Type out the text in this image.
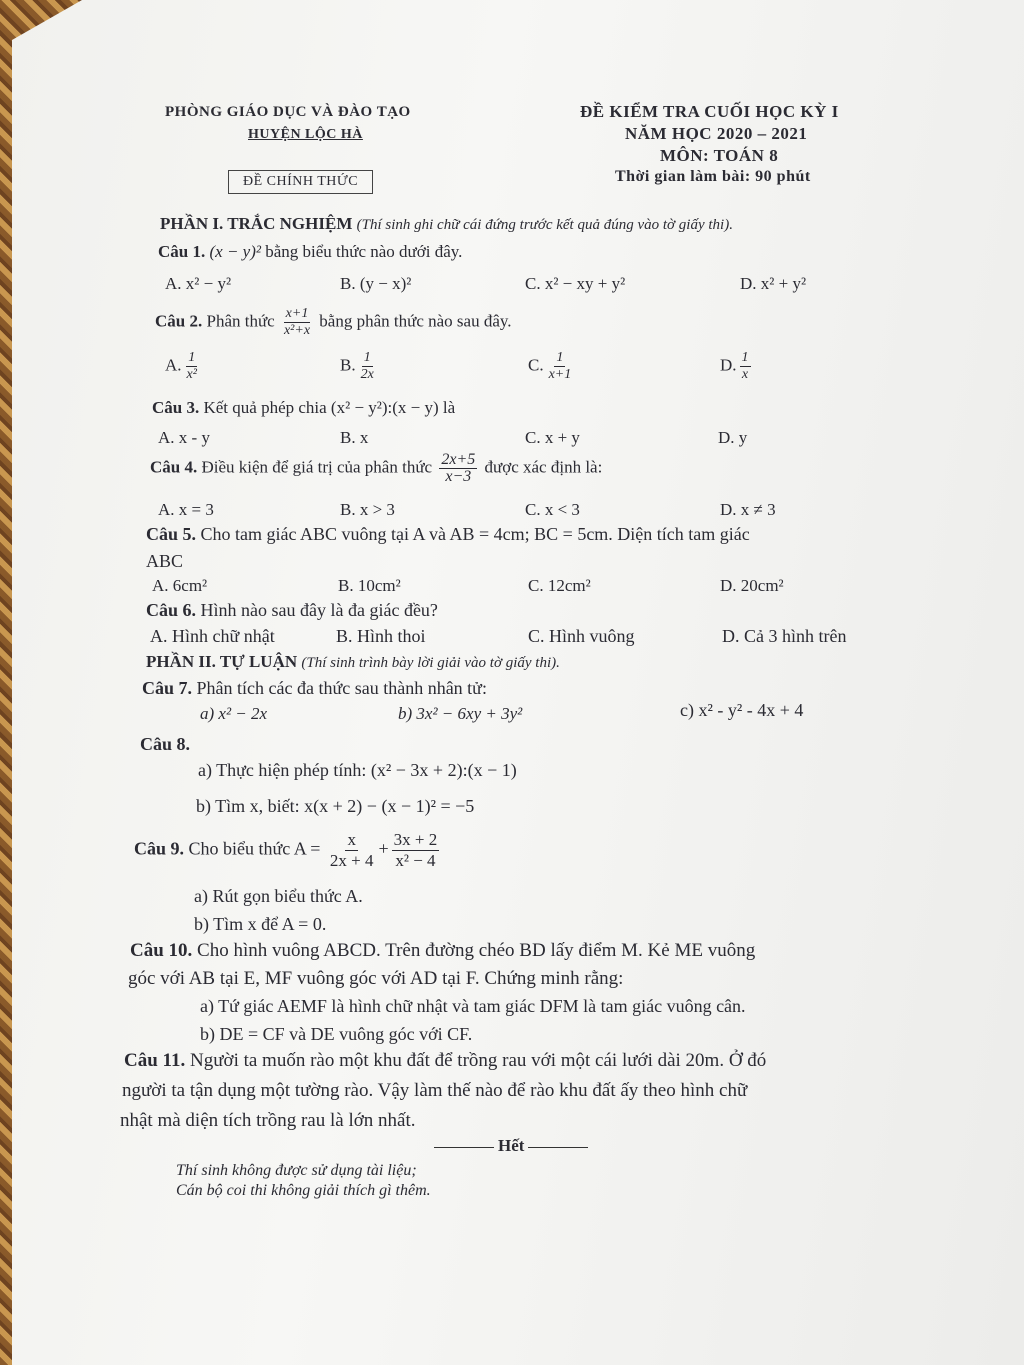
PHÒNG GIÁO DỤC VÀ ĐÀO TẠO
HUYỆN LỘC HÀ
ĐỀ CHÍNH THỨC
ĐỀ KIỂM TRA CUỐI HỌC KỲ I
NĂM HỌC 2020 – 2021
MÔN: TOÁN 8
Thời gian làm bài: 90 phút
PHẦN I. TRẮC NGHIỆM (Thí sinh ghi chữ cái đứng trước kết quả đúng vào tờ giấy thi).
Câu 1. (x − y)² bằng biểu thức nào dưới đây.
A. x² − y²	B. (y − x)²	C. x² − xy + y²	D. x² + y²
Câu 2. Phân thức $\frac{x+1}{\text{x²+x}}$ bằng phân thức nào sau đây.
A. $\frac{1}{\text{x²}}$	B. $\frac{1}{2x}$	C. $\frac{1}{x+1}$	D. $\frac{1}{x}$
Câu 3. Kết quả phép chia (x² − y²):(x − y) là
A. x - y	B. x	C. x + y	D. y
Câu 4. Điều kiện để giá trị của phân thức $\frac{2x+5}{x-3}$ được xác định là:
A. x = 3	B. x > 3	C. x < 3	D. x ≠ 3
Câu 5. Cho tam giác ABC vuông tại A và AB = 4cm; BC = 5cm. Diện tích tam giác
ABC
A. 6cm²	B. 10cm²	C. 12cm²	D. 20cm²
Câu 6. Hình nào sau đây là đa giác đều?
A. Hình chữ nhật	B. Hình thoi	C. Hình vuông	D. Cả 3 hình trên
PHẦN II. TỰ LUẬN (Thí sinh trình bày lời giải vào tờ giấy thi).
Câu 7. Phân tích các đa thức sau thành nhân tử:
a) x² − 2x	b) 3x² − 6xy + 3y²	c) x² - y² - 4x + 4
Câu 8.
a) Thực hiện phép tính: (x² − 3x + 2):(x − 1)
b) Tìm x, biết: x(x + 2) − (x − 1)² = −5
Câu 9. Cho biểu thức $A = \frac{x}{2x + 4} + \frac{3x + 2}{\text{x² − 4}}$
a) Rút gọn biểu thức A.
b) Tìm x để A = 0.
Câu 10. Cho hình vuông ABCD. Trên đường chéo BD lấy điểm M. Kẻ ME vuông
góc với AB tại E, MF vuông góc với AD tại F. Chứng minh rằng:
a) Tứ giác AEMF là hình chữ nhật và tam giác DFM là tam giác vuông cân.
b) DE = CF và DE vuông góc với CF.
Câu 11. Người ta muốn rào một khu đất để trồng rau với một cái lưới dài 20m. Ở đó
người ta tận dụng một tường rào. Vậy làm thế nào để rào khu đất ấy theo hình chữ
nhật mà diện tích trồng rau là lớn nhất.
Hết
Thí sinh không được sử dụng tài liệu;
Cán bộ coi thi không giải thích gì thêm.
